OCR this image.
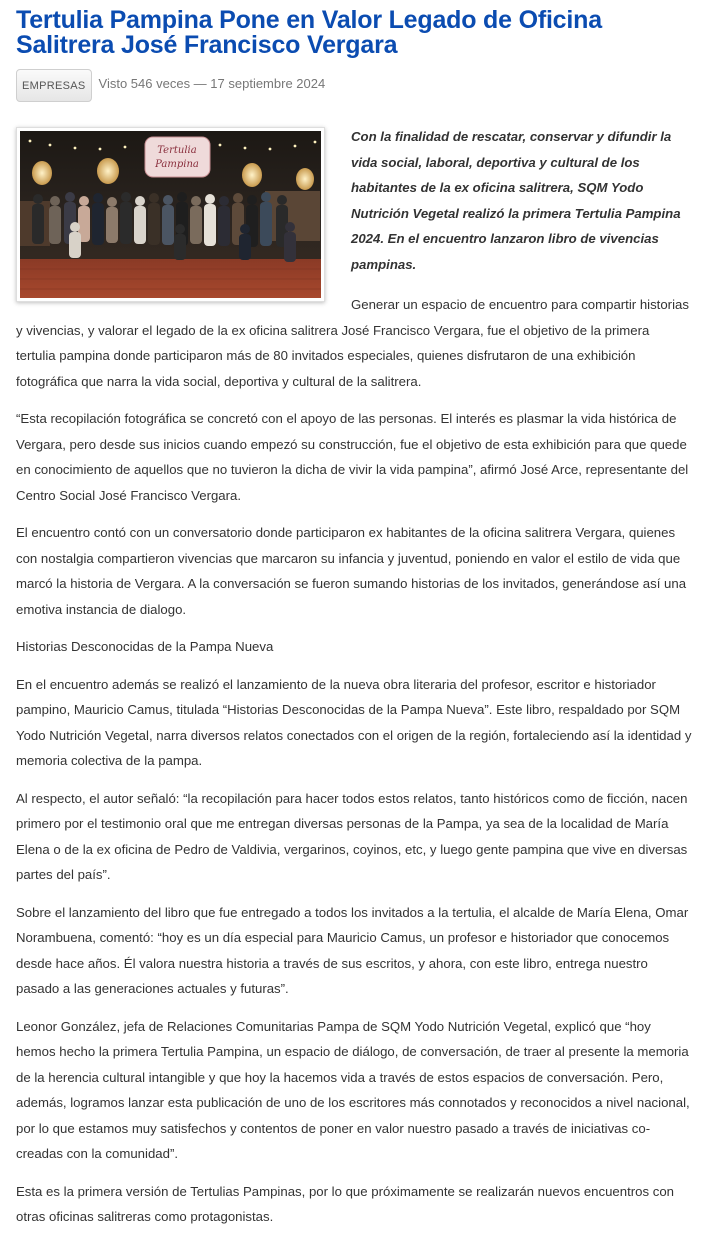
Tertulia Pampina Pone en Valor Legado de Oficina Salitrera José Francisco Vergara
EMPRESAS	Visto 546 veces — 17 septiembre 2024
Tertulia
Pampina

Con la finalidad de rescatar, conservar y difundir la vida social, laboral, deportiva y cultural de los habitantes de la ex oficina salitrera, SQM Yodo Nutrición Vegetal realizó la primera Tertulia Pampina 2024. En el encuentro lanzaron libro de vivencias pampinas.

Generar un espacio de encuentro para compartir historias y vivencias, y valorar el legado de la ex oficina salitrera José Francisco Vergara, fue el objetivo de la primera tertulia pampina donde participaron más de 80 invitados especiales, quienes disfrutaron de una exhibición fotográfica que narra la vida social, deportiva y cultural de la salitrera.

“Esta recopilación fotográfica se concretó con el apoyo de las personas. El interés es plasmar la vida histórica de Vergara, pero desde sus inicios cuando empezó su construcción, fue el objetivo de esta exhibición para que quede en conocimiento de aquellos que no tuvieron la dicha de vivir la vida pampina”, afirmó José Arce, representante del Centro Social José Francisco Vergara.

El encuentro contó con un conversatorio donde participaron ex habitantes de la oficina salitrera Vergara, quienes con nostalgia compartieron vivencias que marcaron su infancia y juventud, poniendo en valor el estilo de vida que marcó la historia de Vergara. A la conversación se fueron sumando historias de los invitados, generándose así una emotiva instancia de dialogo.

Historias Desconocidas de la Pampa Nueva

En el encuentro además se realizó el lanzamiento de la nueva obra literaria del profesor, escritor e historiador pampino, Mauricio Camus, titulada “Historias Desconocidas de la Pampa Nueva”. Este libro, respaldado por SQM Yodo Nutrición Vegetal, narra diversos relatos conectados con el origen de la región, fortaleciendo así la identidad y memoria colectiva de la pampa.

Al respecto, el autor señaló: “la recopilación para hacer todos estos relatos, tanto históricos como de ficción, nacen primero por el testimonio oral que me entregan diversas personas de la Pampa, ya sea de la localidad de María Elena o de la ex oficina de Pedro de Valdivia, vergarinos, coyinos, etc, y luego gente pampina que vive en diversas partes del país”.

Sobre el lanzamiento del libro que fue entregado a todos los invitados a la tertulia, el alcalde de María Elena, Omar Norambuena, comentó: “hoy es un día especial para Mauricio Camus, un profesor e historiador que conocemos desde hace años. Él valora nuestra historia a través de sus escritos, y ahora, con este libro, entrega nuestro pasado a las generaciones actuales y futuras”.

Leonor González, jefa de Relaciones Comunitarias Pampa de SQM Yodo Nutrición Vegetal, explicó que “hoy hemos hecho la primera Tertulia Pampina, un espacio de diálogo, de conversación, de traer al presente la memoria de la herencia cultural intangible y que hoy la hacemos vida a través de estos espacios de conversación. Pero, además, logramos lanzar esta publicación de uno de los escritores más connotados y reconocidos a nivel nacional, por lo que estamos muy satisfechos y contentos de poner en valor nuestro pasado a través de iniciativas co-creadas con la comunidad”.

Esta es la primera versión de Tertulias Pampinas, por lo que próximamente se realizarán nuevos encuentros con otras oficinas salitreras como protagonistas.
